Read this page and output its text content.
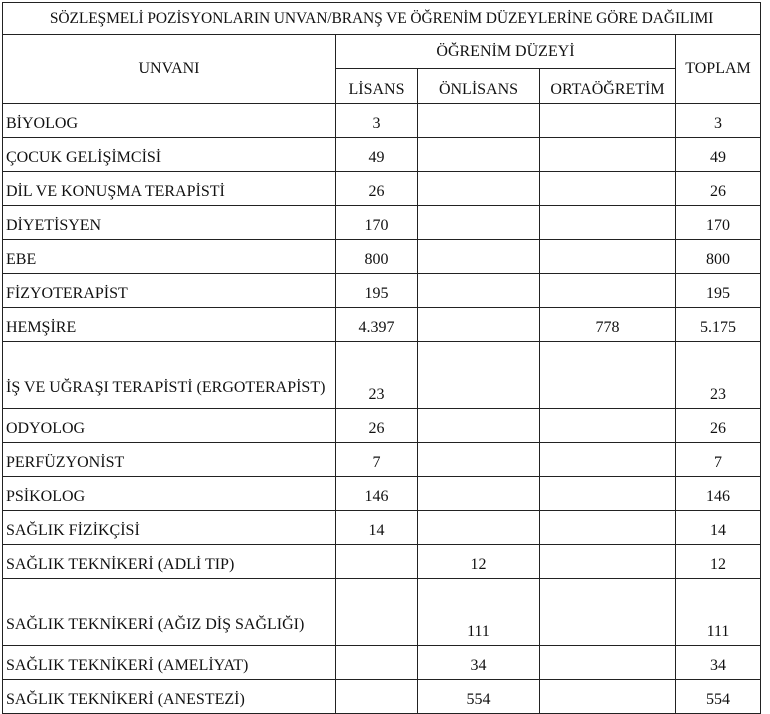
SÖZLEŞMELİ POZİSYONLARIN UNVAN/BRANŞ VE ÖĞRENİM DÜZEYLERİNE GÖRE DAĞILIMI				
UNVANI	ÖĞRENİM DÜZEYİ			TOPLAM
	LİSANS	ÖNLİSANS	ORTAÖĞRETİM	
BİYOLOG	3			3
ÇOCUK GELİŞİMCİSİ	49			49
DİL VE KONUŞMA TERAPİSTİ	26			26
DİYETİSYEN	170			170
EBE	800			800
FİZYOTERAPİST	195			195
HEMŞİRE	4.397		778	5.175
İŞ VE UĞRAŞI TERAPİSTİ (ERGOTERAPİST)	23			23
ODYOLOG	26			26
PERFÜZYONİST	7			7
PSİKOLOG	146			146
SAĞLIK FİZİKÇİSİ	14			14
SAĞLIK TEKNİKERİ (ADLİ TIP)		12		12
SAĞLIK TEKNİKERİ (AĞIZ DİŞ SAĞLIĞI)		111		111
SAĞLIK TEKNİKERİ (AMELİYAT)		34		34
SAĞLIK TEKNİKERİ (ANESTEZİ)		554		554
